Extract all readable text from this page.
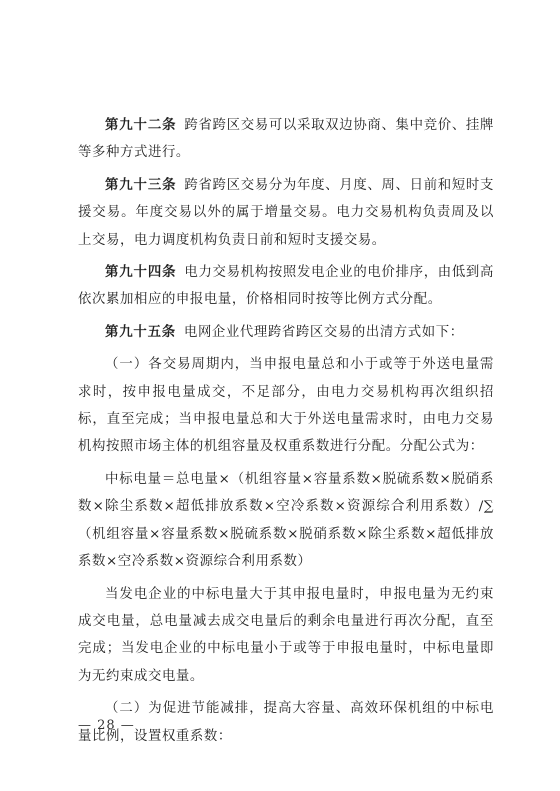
第九十二条 跨省跨区交易可以采取双边协商、集中竞价、挂牌等多种方式进行。

第九十三条 跨省跨区交易分为年度、月度、周、日前和短时支援交易。年度交易以外的属于增量交易。电力交易机构负责周及以上交易，电力调度机构负责日前和短时支援交易。

第九十四条 电力交易机构按照发电企业的电价排序，由低到高依次累加相应的申报电量，价格相同时按等比例方式分配。

第九十五条 电网企业代理跨省跨区交易的出清方式如下：

（一）各交易周期内，当申报电量总和小于或等于外送电量需求时，按申报电量成交，不足部分，由电力交易机构再次组织招标，直至完成；当申报电量总和大于外送电量需求时，由电力交易机构按照市场主体的机组容量及权重系数进行分配。分配公式为：

中标电量＝总电量×（机组容量×容量系数×脱硫系数×脱硝系数×除尘系数×超低排放系数×空冷系数×资源综合利用系数）/∑（机组容量×容量系数×脱硫系数×脱硝系数×除尘系数×超低排放系数×空冷系数×资源综合利用系数）

当发电企业的中标电量大于其申报电量时，申报电量为无约束成交电量，总电量减去成交电量后的剩余电量进行再次分配，直至完成；当发电企业的中标电量小于或等于申报电量时，中标电量即为无约束成交电量。

（二）为促进节能减排，提高大容量、高效环保机组的中标电量比例，设置权重系数：

— 28 —
